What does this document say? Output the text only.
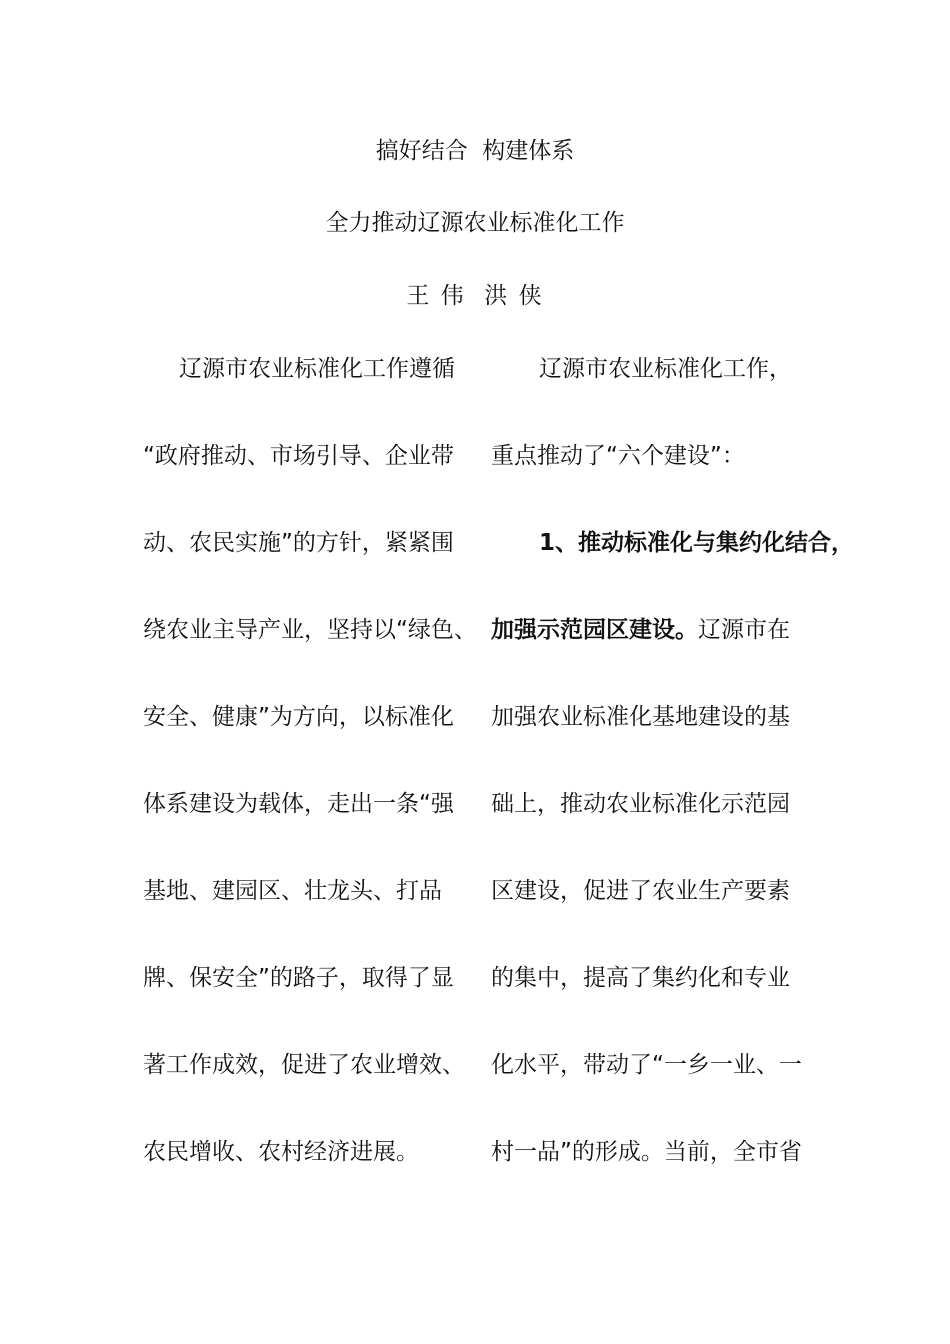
搞好结合  构建体系
全力推动辽源农业标准化工作
王 伟  洪 侠
辽源市农业标准化工作遵循
“政府推动、市场引导、企业带
动、农民实施”的方针，紧紧围
绕农业主导产业，坚持以“绿色、
安全、健康”为方向，以标准化
体系建设为载体，走出一条“强
基地、建园区、壮龙头、打品
牌、保安全”的路子，取得了显
著工作成效，促进了农业增效、
农民增收、农村经济进展。
辽源市农业标准化工作，
重点推动了“六个建设”：
1、推动标准化与集约化结合，
加强示范园区建设。辽源市在
加强农业标准化基地建设的基
础上，推动农业标准化示范园
区建设，促进了农业生产要素
的集中，提高了集约化和专业
化水平，带动了“一乡一业、一
村一品”的形成。当前，全市省
